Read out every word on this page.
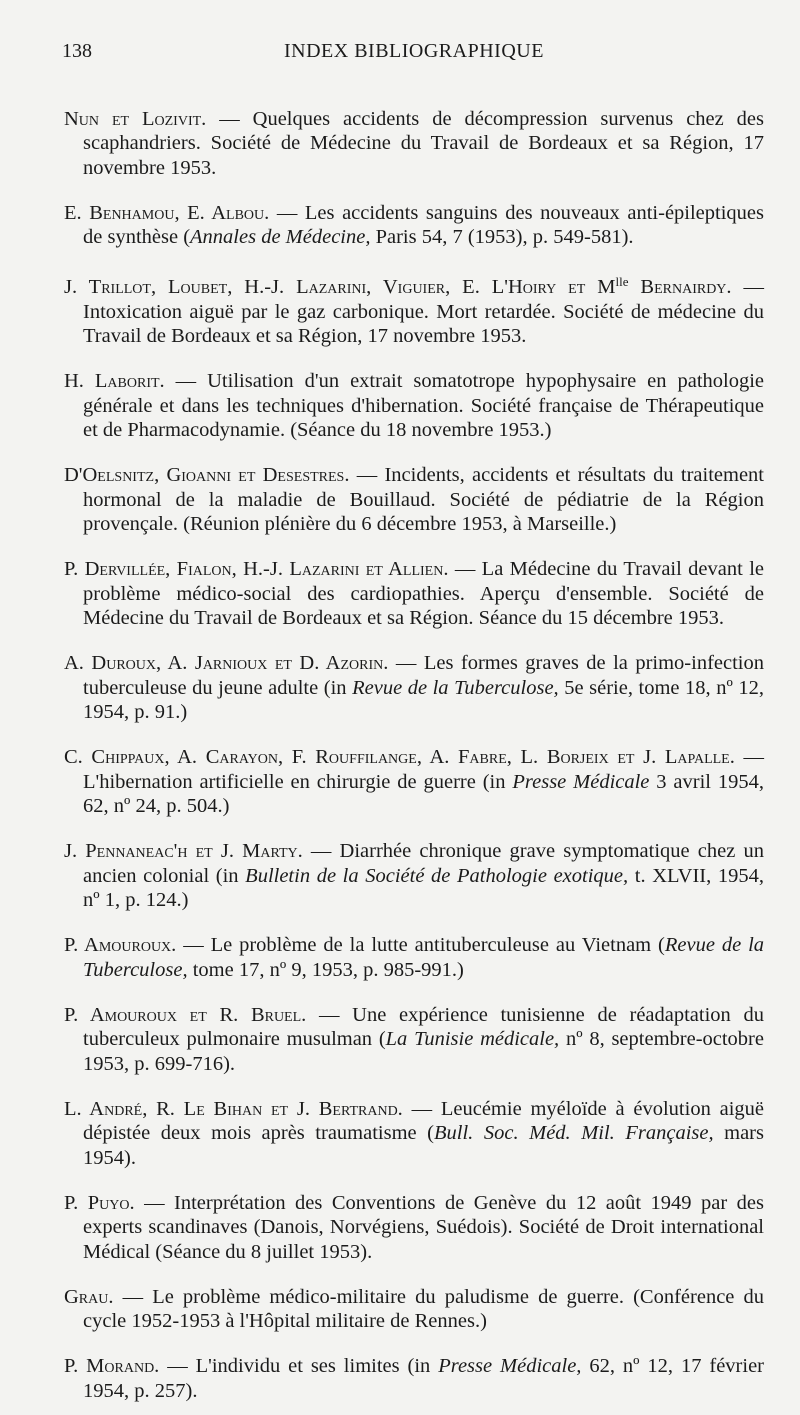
138	INDEX BIBLIOGRAPHIQUE

Nun et Lozivit. — Quelques accidents de décompression survenus chez des scaphandriers. Société de Médecine du Travail de Bordeaux et sa Région, 17 novembre 1953.

E. Benhamou, E. Albou. — Les accidents sanguins des nouveaux anti-épileptiques de synthèse (Annales de Médecine, Paris 54, 7 (1953), p. 549-581).

J. Trillot, Loubet, H.-J. Lazarini, Viguier, E. L'Hoiry et $M^{lle}$ Bernairdy. — Intoxication aiguë par le gaz carbonique. Mort retardée. Société de médecine du Travail de Bordeaux et sa Région, 17 novembre 1953.

H. Laborit. — Utilisation d'un extrait somatotrope hypophysaire en pathologie générale et dans les techniques d'hibernation. Société française de Thérapeutique et de Pharmacodynamie. (Séance du 18 novembre 1953.)

D'Oelsnitz, Gioanni et Desestres. — Incidents, accidents et résultats du traitement hormonal de la maladie de Bouillaud. Société de pédiatrie de la Région provençale. (Réunion plénière du 6 décembre 1953, à Marseille.)

P. Dervillée, Fialon, H.-J. Lazarini et Allien. — La Médecine du Travail devant le problème médico-social des cardiopathies. Aperçu d'ensemble. Société de Médecine du Travail de Bordeaux et sa Région. Séance du 15 décembre 1953.

A. Duroux, A. Jarnioux et D. Azorin. — Les formes graves de la primo-infection tuberculeuse du jeune adulte (in Revue de la Tuberculose, 5e série, tome 18, nº 12, 1954, p. 91.)

C. Chippaux, A. Carayon, F. Rouffilange, A. Fabre, L. Borjeix et J. Lapalle. — L'hibernation artificielle en chirurgie de guerre (in Presse Médicale 3 avril 1954, 62, nº 24, p. 504.)

J. Pennaneac'h et J. Marty. — Diarrhée chronique grave symptomatique chez un ancien colonial (in Bulletin de la Société de Pathologie exotique, t. XLVII, 1954, nº 1, p. 124.)

P. Amouroux. — Le problème de la lutte antituberculeuse au Vietnam (Revue de la Tuberculose, tome 17, nº 9, 1953, p. 985-991.)

P. Amouroux et R. Bruel. — Une expérience tunisienne de réadaptation du tuberculeux pulmonaire musulman (La Tunisie médicale, nº 8, septembre-octobre 1953, p. 699-716).

L. André, R. Le Bihan et J. Bertrand. — Leucémie myéloïde à évolution aiguë dépistée deux mois après traumatisme (Bull. Soc. Méd. Mil. Française, mars 1954).

P. Puyo. — Interprétation des Conventions de Genève du 12 août 1949 par des experts scandinaves (Danois, Norvégiens, Suédois). Société de Droit international Médical (Séance du 8 juillet 1953).

Grau. — Le problème médico-militaire du paludisme de guerre. (Conférence du cycle 1952-1953 à l'Hôpital militaire de Rennes.)

P. Morand. — L'individu et ses limites (in Presse Médicale, 62, nº 12, 17 février 1954, p. 257).
